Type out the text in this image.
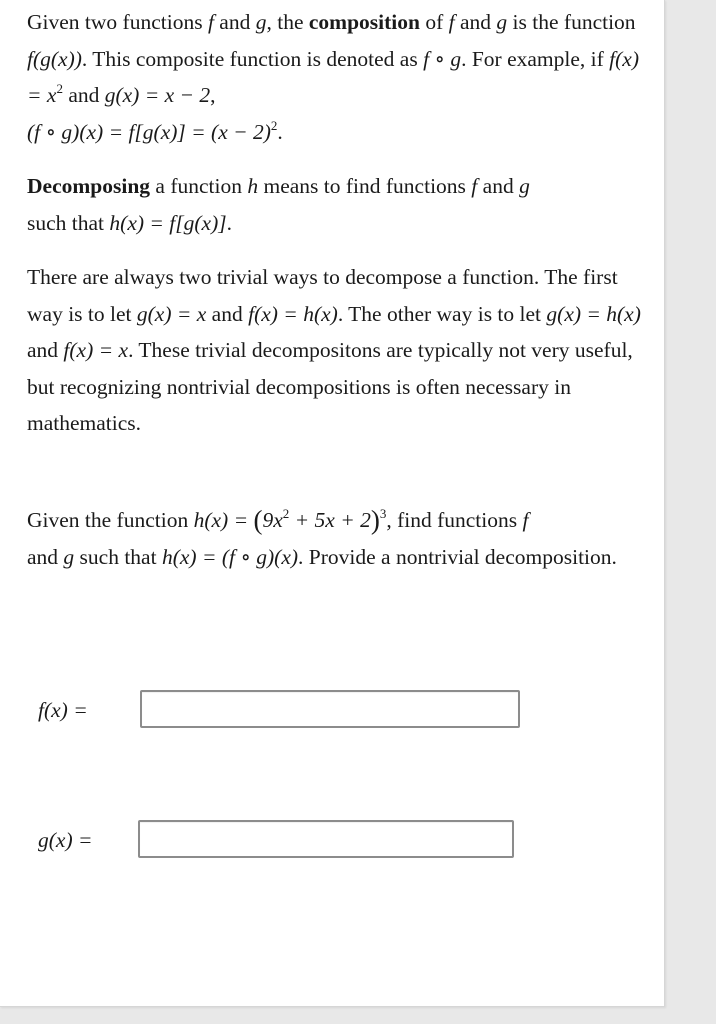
Given two functions f and g, the composition of f and g is the function f(g(x)). This composite function is denoted as f ∘ g. For example, if $f(x) = x^2$ and g(x) = x − 2,
(f ∘ $g)(x) = f[g(x)] = (x - 2)^2$.

Decomposing a function h means to find functions f and g
such that h(x) = f[g(x)].

There are always two trivial ways to decompose a function. The first way is to let g(x) = x and f(x) = h(x). The other way is to let g(x) = h(x) and f(x) = x. These trivial decompositons are typically not very useful, but recognizing nontrivial decompositions is often necessary in mathematics.

Given the function $h(x) = (9x^2 + 5x + 2)^3$, find functions f
and g such that h(x) = (f ∘ g)(x). Provide a nontrivial decomposition.

f(x) =
g(x) =
